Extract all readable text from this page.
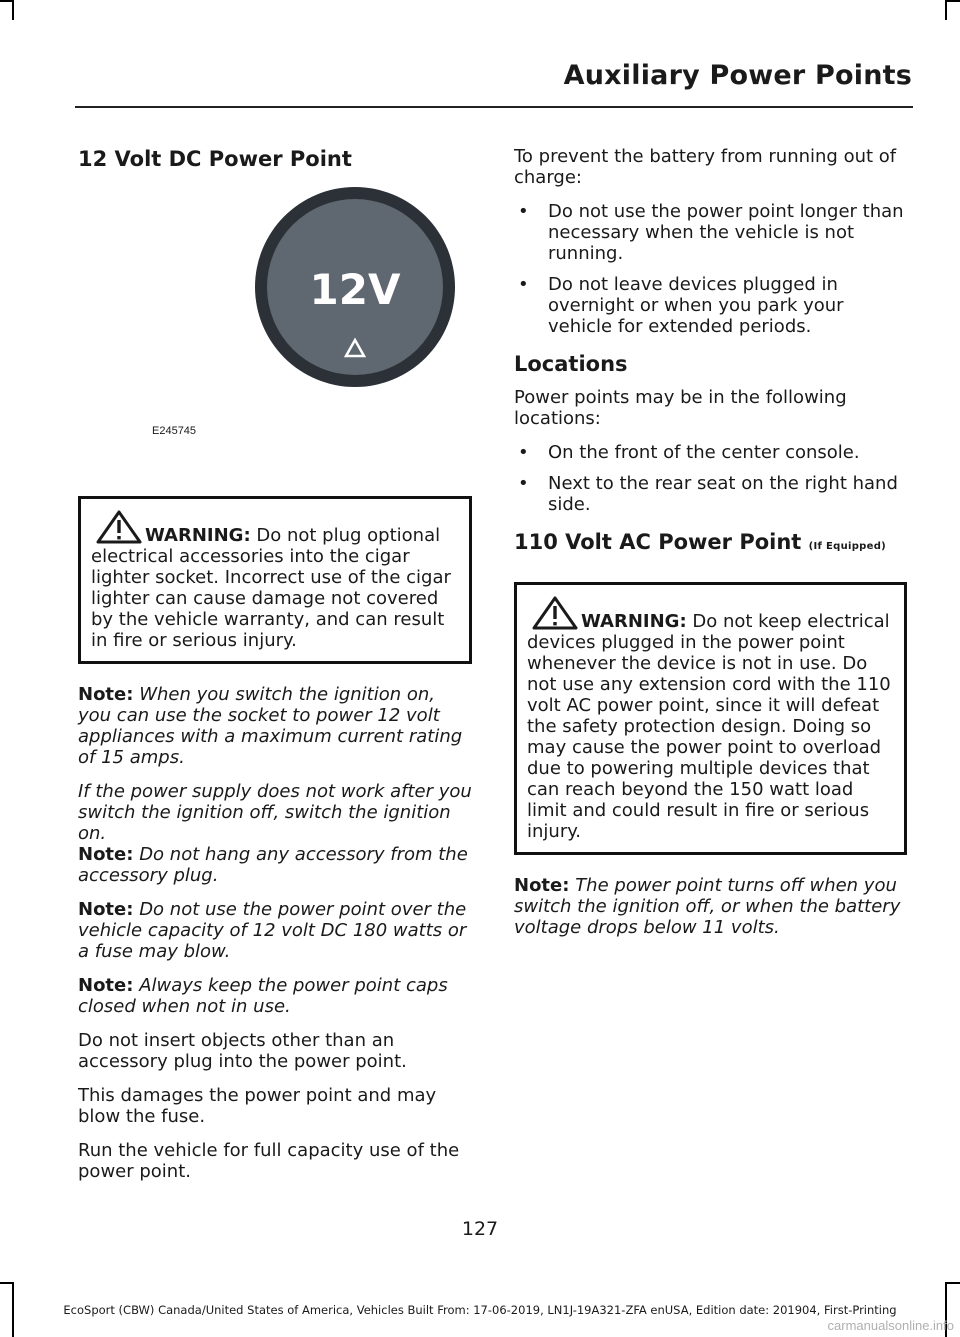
Auxiliary Power Points
12 Volt DC Power Point
12V
E245745
WARNING: Do not plug optional electrical accessories into the cigar lighter socket. Incorrect use of the cigar lighter can cause damage not covered by the vehicle warranty, and can result in fire or serious injury.

Note: When you switch the ignition on, you can use the socket to power 12 volt appliances with a maximum current rating of 15 amps.

If the power supply does not work after you switch the ignition off, switch the ignition on.

Note: Do not hang any accessory from the accessory plug.

Note: Do not use the power point over the vehicle capacity of 12 volt DC 180 watts or a fuse may blow.

Note: Always keep the power point caps closed when not in use.

Do not insert objects other than an accessory plug into the power point.

This damages the power point and may blow the fuse.

Run the vehicle for full capacity use of the power point.

To prevent the battery from running out of charge:

• Do not use the power point longer than necessary when the vehicle is not running.
• Do not leave devices plugged in overnight or when you park your vehicle for extended periods.
Locations

Power points may be in the following locations:

• On the front of the center console.
• Next to the rear seat on the right hand side.
110 Volt AC Power Point (If Equipped)
WARNING: Do not keep electrical devices plugged in the power point whenever the device is not in use. Do not use any extension cord with the 110 volt AC power point, since it will defeat the safety protection design. Doing so may cause the power point to overload due to powering multiple devices that can reach beyond the 150 watt load limit and could result in fire or serious injury.

Note: The power point turns off when you switch the ignition off, or when the battery voltage drops below 11 volts.

127
EcoSport (CBW) Canada/United States of America, Vehicles Built From: 17-06-2019, LN1J-19A321-ZFA enUSA, Edition date: 201904, First-Printing
carmanualsonline.info
